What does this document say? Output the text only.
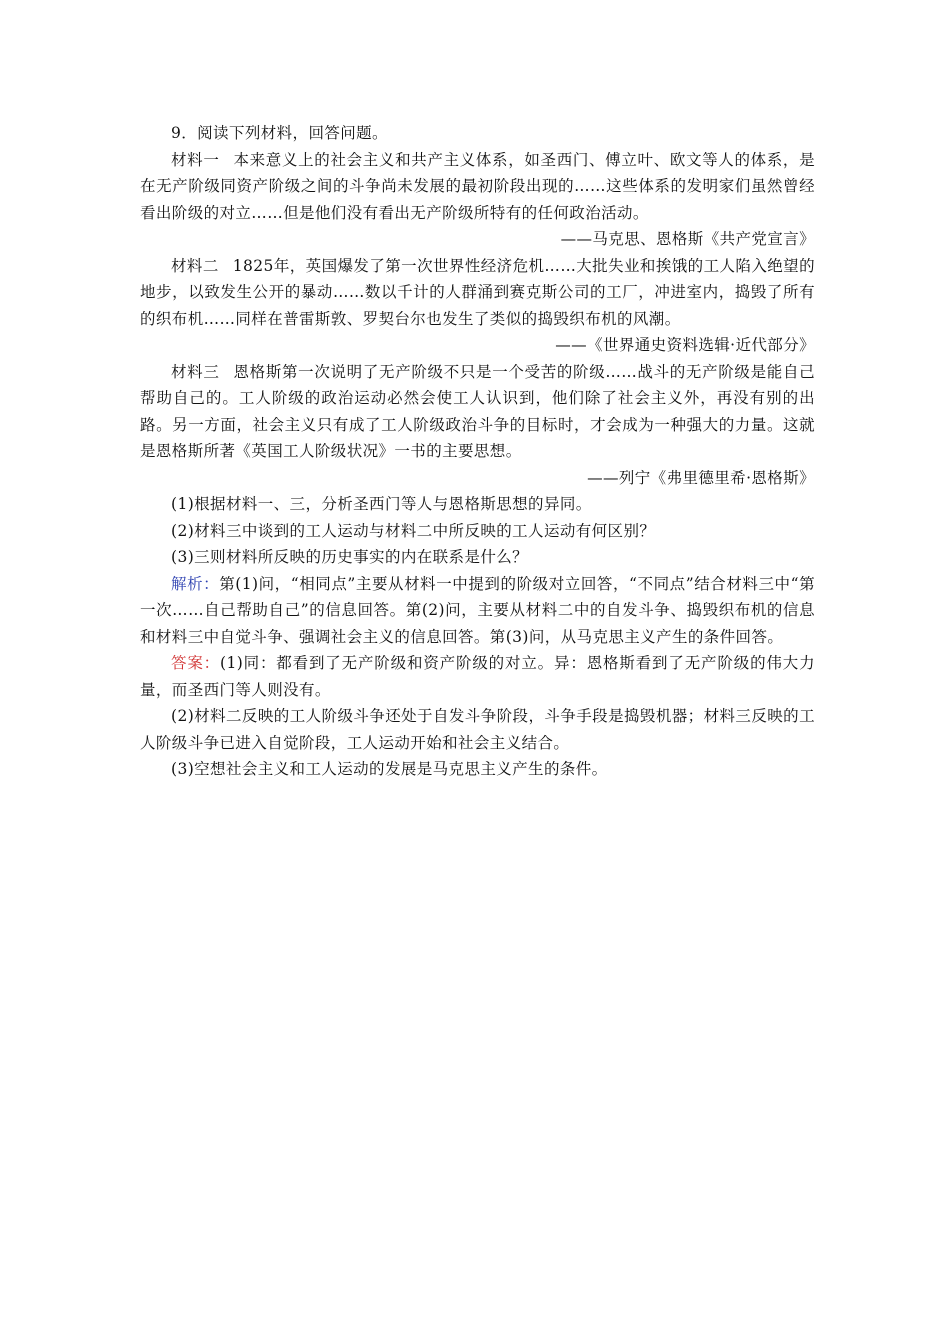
9．阅读下列材料，回答问题。
材料一 本来意义上的社会主义和共产主义体系，如圣西门、傅立叶、欧文等人的体系，是在无产阶级同资产阶级之间的斗争尚未发展的最初阶段出现的……这些体系的发明家们虽然曾经看出阶级的对立……但是他们没有看出无产阶级所特有的任何政治活动。
——马克思、恩格斯《共产党宣言》
材料二 1825年，英国爆发了第一次世界性经济危机……大批失业和挨饿的工人陷入绝望的地步，以致发生公开的暴动……数以千计的人群涌到赛克斯公司的工厂，冲进室内，捣毁了所有的织布机……同样在普雷斯敦、罗契台尔也发生了类似的捣毁织布机的风潮。
——《世界通史资料选辑·近代部分》
材料三 恩格斯第一次说明了无产阶级不只是一个受苦的阶级……战斗的无产阶级是能自己帮助自己的。工人阶级的政治运动必然会使工人认识到，他们除了社会主义外，再没有别的出路。另一方面，社会主义只有成了工人阶级政治斗争的目标时，才会成为一种强大的力量。这就是恩格斯所著《英国工人阶级状况》一书的主要思想。
——列宁《弗里德里希·恩格斯》
(1)根据材料一、三，分析圣西门等人与恩格斯思想的异同。
(2)材料三中谈到的工人运动与材料二中所反映的工人运动有何区别？
(3)三则材料所反映的历史事实的内在联系是什么？
解析：第(1)问，“相同点”主要从材料一中提到的阶级对立回答，“不同点”结合材料三中“第一次……自己帮助自己”的信息回答。第(2)问，主要从材料二中的自发斗争、捣毁织布机的信息和材料三中自觉斗争、强调社会主义的信息回答。第(3)问，从马克思主义产生的条件回答。
答案：(1)同：都看到了无产阶级和资产阶级的对立。异：恩格斯看到了无产阶级的伟大力量，而圣西门等人则没有。
(2)材料二反映的工人阶级斗争还处于自发斗争阶段，斗争手段是捣毁机器；材料三反映的工人阶级斗争已进入自觉阶段，工人运动开始和社会主义结合。
(3)空想社会主义和工人运动的发展是马克思主义产生的条件。
